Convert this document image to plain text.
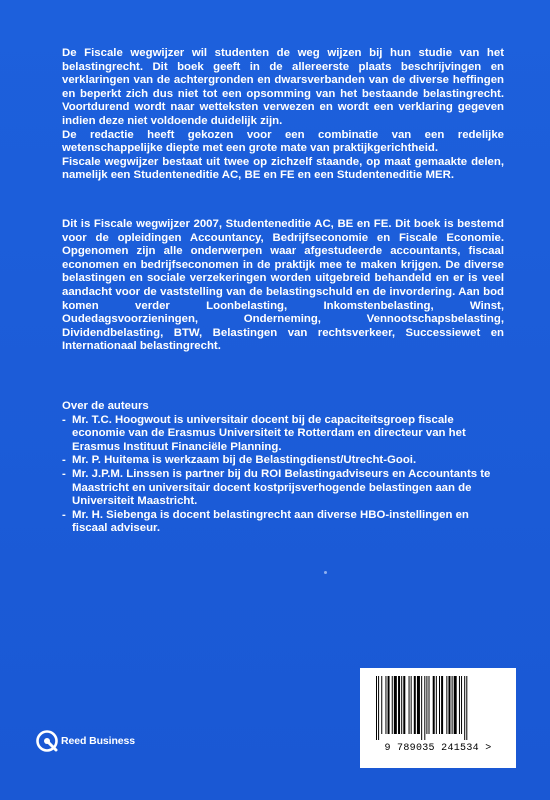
De Fiscale wegwijzer wil studenten de weg wijzen bij hun studie van het belastingrecht. Dit boek geeft in de allereerste plaats beschrijvingen en verklaringen van de achtergronden en dwarsverbanden van de diverse heffingen en beperkt zich dus niet tot een opsomming van het bestaande belastingrecht. Voortdurend wordt naar wetteksten verwezen en wordt een verklaring gegeven indien deze niet voldoende duidelijk zijn.

De redactie heeft gekozen voor een combinatie van een redelijke wetenschappelijke diepte met een grote mate van praktijkgerichtheid.

Fiscale wegwijzer bestaat uit twee op zichzelf staande, op maat gemaakte delen, namelijk een Studenteneditie AC, BE en FE en een Studenteneditie MER.

Dit is Fiscale wegwijzer 2007, Studenteneditie AC, BE en FE. Dit boek is bestemd voor de opleidingen Accountancy, Bedrijfseconomie en Fiscale Economie. Opgenomen zijn alle onderwerpen waar afgestudeerde accountants, fiscaal economen en bedrijfseconomen in de praktijk mee te maken krijgen. De diverse belastingen en sociale verzekeringen worden uitgebreid behandeld en er is veel aandacht voor de vaststelling van de belastingschuld en de invordering. Aan bod komen verder Loonbelasting, Inkomstenbelasting, Winst, Oudedagsvoorzieningen, Onderneming, Vennootschapsbelasting, Dividendbelasting, BTW, Belastingen van rechtsverkeer, Successiewet en Internationaal belastingrecht.

Over de auteurs

- Mr. T.C. Hoogwout is universitair docent bij de capaciteitsgroep fiscale economie van de Erasmus Universiteit te Rotterdam en directeur van het Erasmus Instituut Financiële Planning.
- Mr. P. Huitema is werkzaam bij de Belastingdienst/Utrecht-Gooi.
- Mr. J.P.M. Linssen is partner bij du ROI Belastingadviseurs en Accountants te Maastricht en universitair docent kostprijsverhogende belastingen aan de Universiteit Maastricht.
- Mr. H. Siebenga is docent belastingrecht aan diverse HBO-instellingen en fiscaal adviseur.
Reed Business
9 789035 241534 >
